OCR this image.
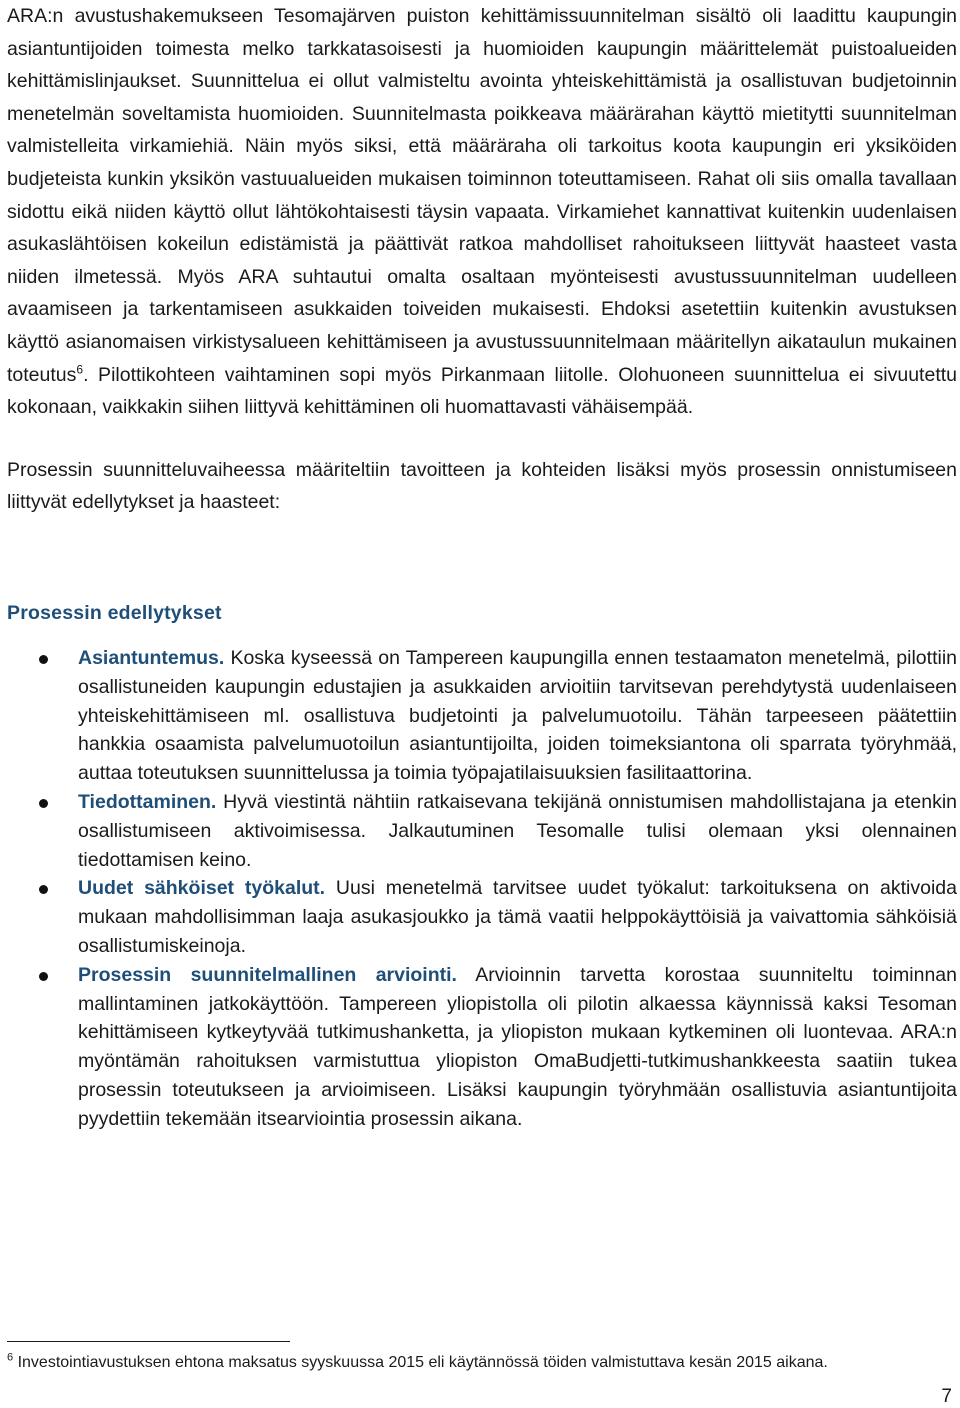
ARA:n avustushakemukseen Tesomajärven puiston kehittämissuunnitelman sisältö oli laadittu kaupungin asiantuntijoiden toimesta melko tarkkatasoisesti ja huomioiden kaupungin määrittelemät puistoalueiden kehittämislinjaukset. Suunnittelua ei ollut valmisteltu avointa yhteiskehittämistä ja osallistuvan budjetoinnin menetelmän soveltamista huomioiden. Suunnitelmasta poikkeava määrärahan käyttö mietitytti suunnitelman valmistelleita virkamiehiä. Näin myös siksi, että määräraha oli tarkoitus koota kaupungin eri yksiköiden budjeteista kunkin yksikön vastuualueiden mukaisen toiminnon toteuttamiseen. Rahat oli siis omalla tavallaan sidottu eikä niiden käyttö ollut lähtökohtaisesti täysin vapaata. Virkamiehet kannattivat kuitenkin uudenlaisen asukaslähtöisen kokeilun edistämistä ja päättivät ratkoa mahdolliset rahoitukseen liittyvät haasteet vasta niiden ilmetessä. Myös ARA suhtautui omalta osaltaan myönteisesti avustussuunnitelman uudelleen avaamiseen ja tarkentamiseen asukkaiden toiveiden mukaisesti. Ehdoksi asetettiin kuitenkin avustuksen käyttö asianomaisen virkistysalueen kehittämiseen ja avustussuunnitelmaan määritellyn aikataulun mukainen toteutus$^6$. Pilottikohteen vaihtaminen sopi myös Pirkanmaan liitolle. Olohuoneen suunnittelua ei sivuutettu kokonaan, vaikkakin siihen liittyvä kehittäminen oli huomattavasti vähäisempää.

Prosessin suunnitteluvaiheessa määriteltiin tavoitteen ja kohteiden lisäksi myös prosessin onnistumiseen liittyvät edellytykset ja haasteet:

Prosessin edellytykset

Asiantuntemus. Koska kyseessä on Tampereen kaupungilla ennen testaamaton menetelmä, pilottiin osallistuneiden kaupungin edustajien ja asukkaiden arvioitiin tarvitsevan perehdytystä uudenlaiseen yhteiskehittämiseen ml. osallistuva budjetointi ja palvelumuotoilu. Tähän tarpeeseen päätettiin hankkia osaamista palvelumuotoilun asiantuntijoilta, joiden toimeksiantona oli sparrata työryhmää, auttaa toteutuksen suunnittelussa ja toimia työpajatilaisuuksien fasilitaattorina.

Tiedottaminen. Hyvä viestintä nähtiin ratkaisevana tekijänä onnistumisen mahdollistajana ja etenkin osallistumiseen aktivoimisessa. Jalkautuminen Tesomalle tulisi olemaan yksi olennainen tiedottamisen keino.

Uudet sähköiset työkalut. Uusi menetelmä tarvitsee uudet työkalut: tarkoituksena on aktivoida mukaan mahdollisimman laaja asukasjoukko ja tämä vaatii helppokäyttöisiä ja vaivattomia sähköisiä osallistumiskeinoja.

Prosessin suunnitelmallinen arviointi. Arvioinnin tarvetta korostaa suunniteltu toiminnan mallintaminen jatkokäyttöön. Tampereen yliopistolla oli pilotin alkaessa käynnissä kaksi Tesoman kehittämiseen kytkeytyvää tutkimushanketta, ja yliopiston mukaan kytkeminen oli luontevaa. ARA:n myöntämän rahoituksen varmistuttua yliopiston OmaBudjetti-tutkimushankkeesta saatiin tukea prosessin toteutukseen ja arvioimiseen. Lisäksi kaupungin työryhmään osallistuvia asiantuntijoita pyydettiin tekemään itsearviointia prosessin aikana.

$^6$ Investointiavustuksen ehtona maksatus syyskuussa 2015 eli käytännössä töiden valmistuttava kesän 2015 aikana.

7
